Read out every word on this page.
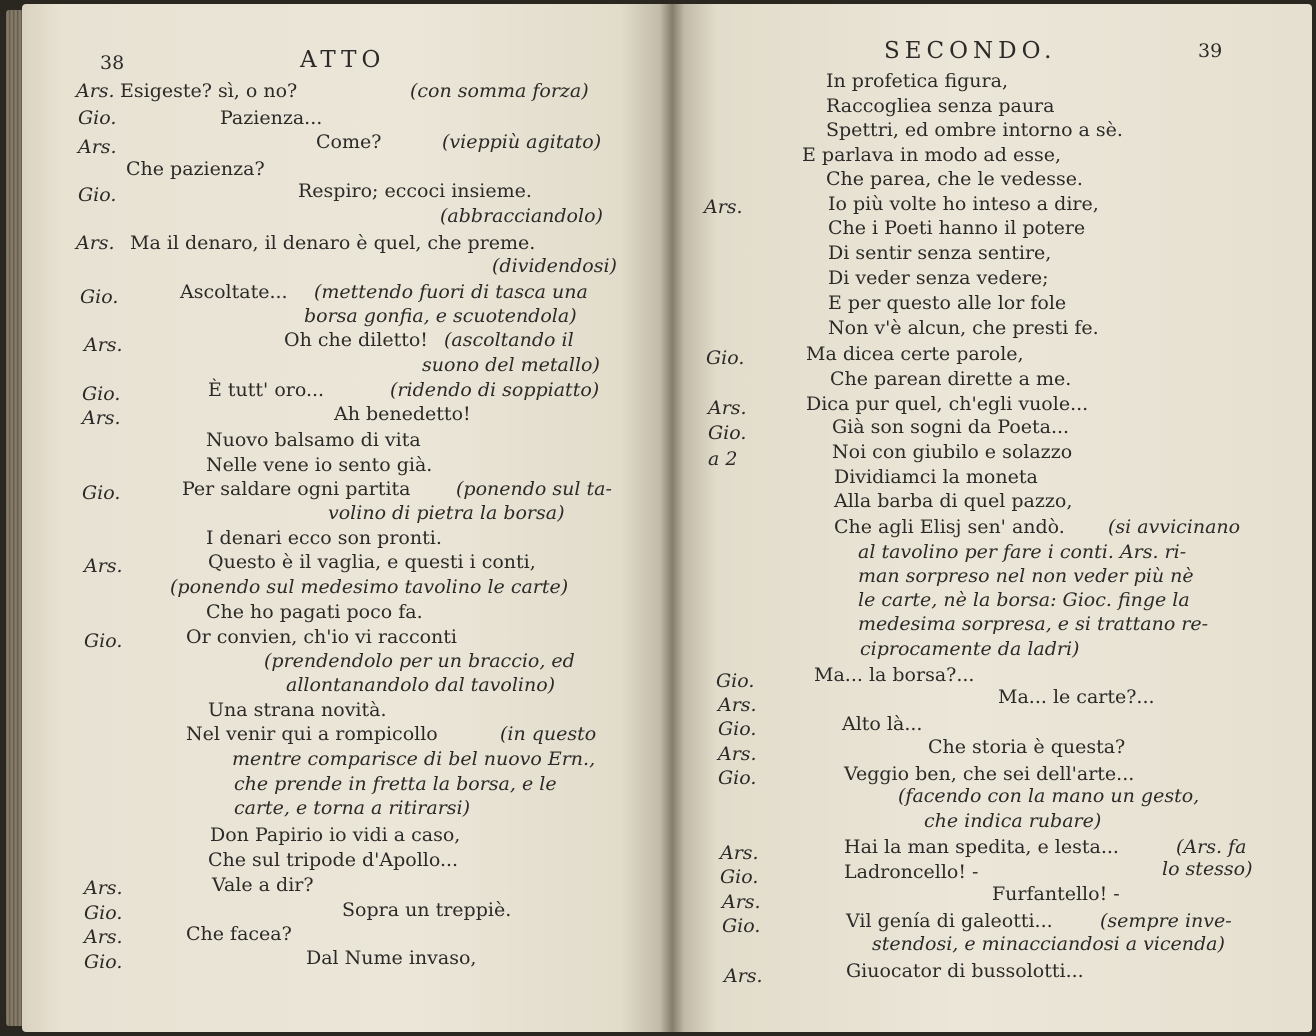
38	ATTO
Ars. Esigeste? sì, o no?	(con somma forza)
Gio.	Pazienza...
Ars.	Come?	(vieppiù agitato)
Che pazienza?
Gio.	Respiro; eccoci insieme.
(abbracciandolo)
Ars. Ma il denaro, il denaro è quel, che preme.
(dividendosi)
Gio.	Ascoltate... (mettendo fuori di tasca una
borsa gonfia, e scuotendola)
Ars.	Oh che diletto! (ascoltando il
suono del metallo)
Gio.	È tutt' oro...	(ridendo di soppiatto)
Ars.	Ah benedetto!
Nuovo balsamo di vita
Nelle vene io sento già.
Gio.	Per saldare ogni partita (ponendo sul ta-
volino di pietra la borsa)
I denari ecco son pronti.
Ars.	Questo è il vaglia, e questi i conti,
(ponendo sul medesimo tavolino le carte)
Che ho pagati poco fa.
Gio.	Or convien, ch'io vi racconti
(prendendolo per un braccio, ed
allontanandolo dal tavolino)
Una strana novità.
Nel venir qui a rompicollo	(in questo
mentre comparisce di bel nuovo Ern.,
che prende in fretta la borsa, e le
carte, e torna a ritirarsi)
Don Papirio io vidi a caso,
Che sul tripode d'Apollo...
Ars.	Vale a dir?
Gio.	Sopra un treppiè.
Ars.	Che facea?
Gio.	Dal Nume invaso,
SECONDO.	39
In profetica figura,
Raccogliea senza paura
Spettri, ed ombre intorno a sè.
E parlava in modo ad esse,
Che parea, che le vedesse.
Ars.	Io più volte ho inteso a dire,
Che i Poeti hanno il potere
Di sentir senza sentire,
Di veder senza vedere;
E per questo alle lor fole
Non v'è alcun, che presti fe.
Gio.	Ma dicea certe parole,
Che parean dirette a me.
Ars.	Dica pur quel, ch'egli vuole...
Gio.	Già son sogni da Poeta...
a 2	Noi con giubilo e solazzo
Dividiamci la moneta
Alla barba di quel pazzo,
Che agli Elisj sen' andò. (si avvicinano
al tavolino per fare i conti. Ars. ri-
man sorpreso nel non veder più nè
le carte, nè la borsa: Gioc. finge la
medesima sorpresa, e si trattano re-
ciprocamente da ladri)
Gio.	Ma... la borsa?...
Ars.	Ma... le carte?...
Gio.	Alto là...
Ars.	Che storia è questa?
Gio.	Veggio ben, che sei dell'arte...
(facendo con la mano un gesto,
che indica rubare)
Ars.	Hai la man spedita, e lesta...	(Ars. fa
Gio.	Ladroncello! -	lo stesso)
Ars.	Furfantello! -
Gio.	Vil genía di galeotti... (sempre inve-
stendosi, e minacciandosi a vicenda)
Ars.	Giuocator di bussolotti...
